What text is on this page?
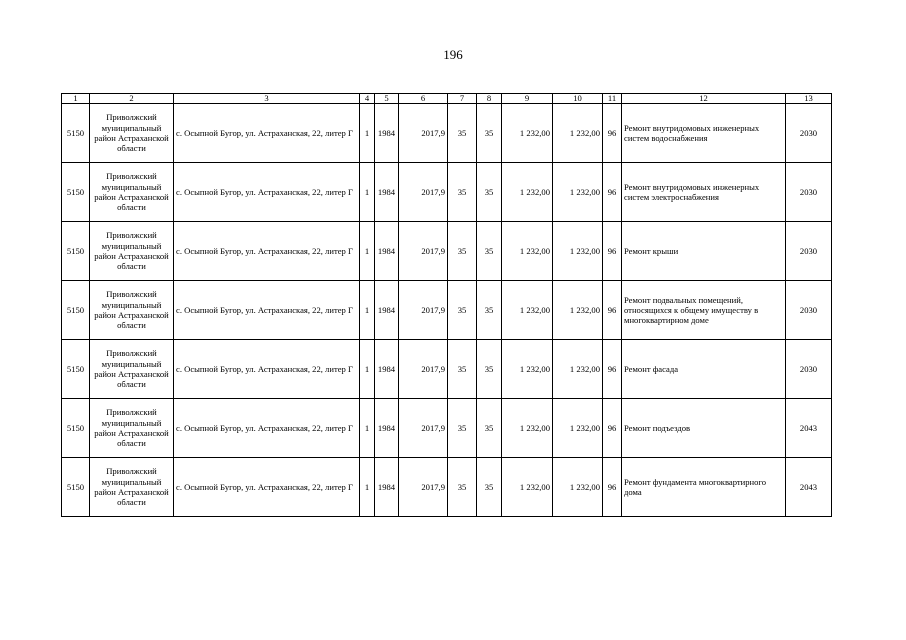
196
1	2	3	4	5	6	7	8	9	10	11	12	13
5150	Приволжский муниципальный район Астраханской области	с. Осыпной Бугор, ул. Астраханская, 22, литер Г	1	1984	2017,9	35	35	1 232,00	1 232,00	96	Ремонт внутридомовых инженерных систем водоснабжения	2030
5150	Приволжский муниципальный район Астраханской области	с. Осыпной Бугор, ул. Астраханская, 22, литер Г	1	1984	2017,9	35	35	1 232,00	1 232,00	96	Ремонт внутридомовых инженерных систем электроснабжения	2030
5150	Приволжский муниципальный район Астраханской области	с. Осыпной Бугор, ул. Астраханская, 22, литер Г	1	1984	2017,9	35	35	1 232,00	1 232,00	96	Ремонт крыши	2030
5150	Приволжский муниципальный район Астраханской области	с. Осыпной Бугор, ул. Астраханская, 22, литер Г	1	1984	2017,9	35	35	1 232,00	1 232,00	96	Ремонт подвальных помещений, относящихся к общему имуществу в многоквартирном доме	2030
5150	Приволжский муниципальный район Астраханской области	с. Осыпной Бугор, ул. Астраханская, 22, литер Г	1	1984	2017,9	35	35	1 232,00	1 232,00	96	Ремонт фасада	2030
5150	Приволжский муниципальный район Астраханской области	с. Осыпной Бугор, ул. Астраханская, 22, литер Г	1	1984	2017,9	35	35	1 232,00	1 232,00	96	Ремонт подъездов	2043
5150	Приволжский муниципальный район Астраханской области	с. Осыпной Бугор, ул. Астраханская, 22, литер Г	1	1984	2017,9	35	35	1 232,00	1 232,00	96	Ремонт фундамента многоквартирного дома	2043
